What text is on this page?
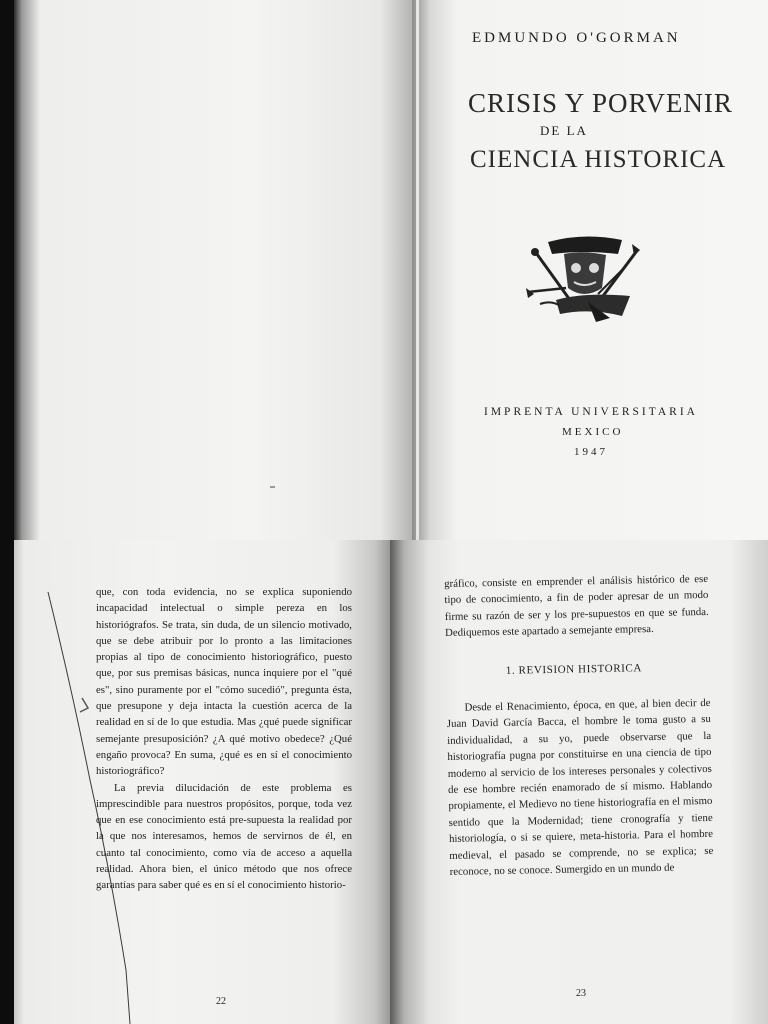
EDMUNDO O'GORMAN
CRISIS Y PORVENIR
DE LA
CIENCIA HISTORICA
IMPRENTA UNIVERSITARIA
MEXICO
1947

que, con toda evidencia, no se explica suponiendo incapacidad intelectual o simple pereza en los historiógrafos. Se trata, sin duda, de un silencio motivado, que se debe atribuir por lo pronto a las limitaciones propias al tipo de conocimiento historiográfico, puesto que, por sus premisas básicas, nunca inquiere por el "qué es", sino puramente por el "cómo sucedió", pregunta ésta, que presupone y deja intacta la cuestión acerca de la realidad en sí de lo que estudia. Mas ¿qué puede significar semejante presuposición? ¿A qué motivo obedece? ¿Qué engaño provoca? En suma, ¿qué es en sí el conocimiento historiográfico?

La previa dilucidación de este problema es imprescindible para nuestros propósitos, porque, toda vez que en ese conocimiento está pre-supuesta la realidad por la que nos interesamos, hemos de servirnos de él, en cuanto tal conocimiento, como vía de acceso a aquella realidad. Ahora bien, el único método que nos ofrece garantías para saber qué es en sí el conocimiento historio-

22

gráfico, consiste en emprender el análisis histórico de ese tipo de conocimiento, a fin de poder apresar de un modo firme su razón de ser y los pre-supuestos en que se funda. Dediquemos este apartado a semejante empresa.

1. REVISION HISTORICA

Desde el Renacimiento, época, en que, al bien decir de Juan David García Bacca, el hombre le toma gusto a su individualidad, a su yo, puede observarse que la historiografía pugna por constituirse en una ciencia de tipo moderno al servicio de los intereses personales y colectivos de ese hombre recién enamorado de sí mismo. Hablando propiamente, el Medievo no tiene historiografía en el mismo sentido que la Modernidad; tiene cronografía y tiene historiología, o si se quiere, meta-historia. Para el hombre medieval, el pasado se comprende, no se explica; se reconoce, no se conoce. Sumergido en un mundo de

23
